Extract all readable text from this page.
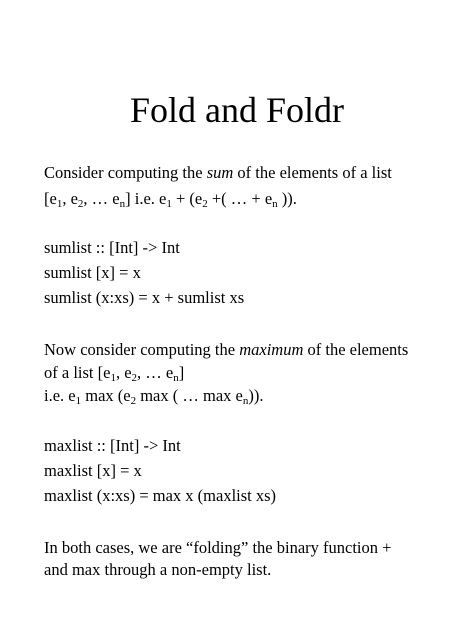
Fold and Foldr
Consider computing the sum of the elements of a list
[$e_1$, $e_2$, … $e_n$] i.e. $e_1 + (e_2$ +( … + $e_n$ )).
sumlist :: [Int] -> Int
sumlist [x] = x
sumlist (x:xs) = x + sumlist xs
Now consider computing the maximum of the elements
of a list [$e_1$, $e_2$, … $e_n$]
i.e. $e_1$ $\max (e_2$ max ( … $\max e_n$)).
maxlist :: [Int] -> Int
maxlist [x] = x
maxlist (x:xs) = max x (maxlist xs)
In both cases, we are “folding” the binary function +
and max through a non-empty list.
